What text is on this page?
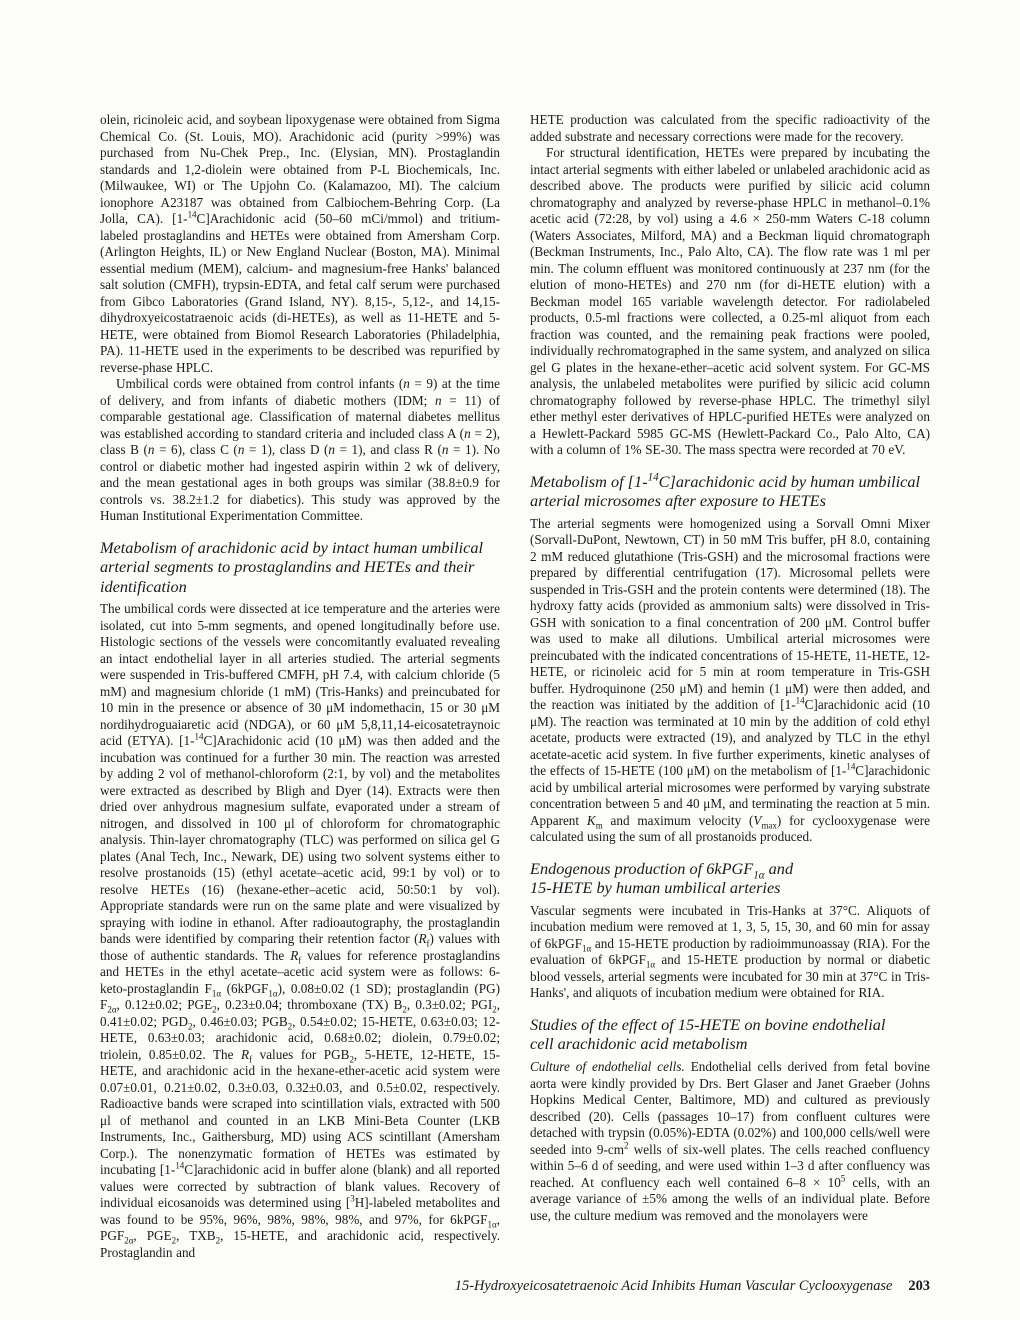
olein, ricinoleic acid, and soybean lipoxygenase were obtained from Sigma Chemical Co. (St. Louis, MO). Arachidonic acid (purity >99%) was purchased from Nu-Chek Prep., Inc. (Elysian, MN). Prostaglandin standards and 1,2-diolein were obtained from P-L Biochemicals, Inc. (Milwaukee, WI) or The Upjohn Co. (Kalamazoo, MI). The calcium ionophore A23187 was obtained from Calbiochem-Behring Corp. (La Jolla, CA). [1-$^{14}$C]Arachidonic acid (50–60 mCi/mmol) and tritium-labeled prostaglandins and HETEs were obtained from Amersham Corp. (Arlington Heights, IL) or New England Nuclear (Boston, MA). Minimal essential medium (MEM), calcium- and magnesium-free Hanks' balanced salt solution (CMFH), trypsin-EDTA, and fetal calf serum were purchased from Gibco Laboratories (Grand Island, NY). 8,15-, 5,12-, and 14,15-dihydroxyeicostatraenoic acids (di-HETEs), as well as 11-HETE and 5-HETE, were obtained from Biomol Research Laboratories (Philadelphia, PA). 11-HETE used in the experiments to be described was repurified by reverse-phase HPLC.

Umbilical cords were obtained from control infants (n = 9) at the time of delivery, and from infants of diabetic mothers (IDM; n = 11) of comparable gestational age. Classification of maternal diabetes mellitus was established according to standard criteria and included class A (n = 2), class B (n = 6), class C (n = 1), class D (n = 1), and class R (n = 1). No control or diabetic mother had ingested aspirin within 2 wk of delivery, and the mean gestational ages in both groups was similar (38.8±0.9 for controls vs. 38.2±1.2 for diabetics). This study was approved by the Human Institutional Experimentation Committee.

Metabolism of arachidonic acid by intact human umbilical
arterial segments to prostaglandins and HETEs and their
identification

The umbilical cords were dissected at ice temperature and the arteries were isolated, cut into 5-mm segments, and opened longitudinally before use. Histologic sections of the vessels were concomitantly evaluated revealing an intact endothelial layer in all arteries studied. The arterial segments were suspended in Tris-buffered CMFH, pH 7.4, with calcium chloride (5 mM) and magnesium chloride (1 mM) (Tris-Hanks) and preincubated for 10 min in the presence or absence of 30 μM indomethacin, 15 or 30 μM nordihydroguaiaretic acid (NDGA), or 60 μM 5,8,11,14-eicosatetraynoic acid (ETYA). [1-$^{14}$C]Arachidonic acid (10 μM) was then added and the incubation was continued for a further 30 min. The reaction was arrested by adding 2 vol of methanol-chloroform (2:1, by vol) and the metabolites were extracted as described by Bligh and Dyer (14). Extracts were then dried over anhydrous magnesium sulfate, evaporated under a stream of nitrogen, and dissolved in 100 μl of chloroform for chromatographic analysis. Thin-layer chromatography (TLC) was performed on silica gel G plates (Anal Tech, Inc., Newark, DE) using two solvent systems either to resolve prostanoids (15) (ethyl acetate–acetic acid, 99:1 by vol) or to resolve HETEs (16) (hexane-ether–acetic acid, 50:50:1 by vol). Appropriate standards were run on the same plate and were visualized by spraying with iodine in ethanol. After radioautography, the prostaglandin bands were identified by comparing their retention factor $(R_f)$ values with those of authentic standards. The $R_f$ values for reference prostaglandins and HETEs in the ethyl acetate–acetic acid system were as follows: 6-keto-prostaglandin $F_{1\alpha}$ (6kPGF$_{1\alpha}$), 0.08±0.02 (1 SD); prostaglandin (PG) $F_{2\alpha}$, 0.12±0.02; $PGE_2$, 0.23±0.04; thromboxane (TX) $B_2$, 0.3±0.02; $PGI_2$, 0.41±0.02; $PGD_2$, 0.46±0.03; $PGB_2$, 0.54±0.02; 15-HETE, 0.63±0.03; 12-HETE, 0.63±0.03; arachidonic acid, 0.68±0.02; diolein, 0.79±0.02; triolein, 0.85±0.02. The $R_f$ values for $PGB_2$, 5-HETE, 12-HETE, 15-HETE, and arachidonic acid in the hexane-ether-acetic acid system were 0.07±0.01, 0.21±0.02, 0.3±0.03, 0.32±0.03, and 0.5±0.02, respectively. Radioactive bands were scraped into scintillation vials, extracted with 500 μl of methanol and counted in an LKB Mini-Beta Counter (LKB Instruments, Inc., Gaithersburg, MD) using ACS scintillant (Amersham Corp.). The nonenzymatic formation of HETEs was estimated by incubating [1-$^{14}$C]arachidonic acid in buffer alone (blank) and all reported values were corrected by subtraction of blank values. Recovery of individual eicosanoids was determined using [$^3$H]-labeled metabolites and was found to be 95%, 96%, 98%, 98%, 98%, and 97%, for 6kPGF$_{1\alpha}$, $PGF_{2\alpha}$, $PGE_2$, $TXB_2$, 15-HETE, and arachidonic acid, respectively. Prostaglandin and

HETE production was calculated from the specific radioactivity of the added substrate and necessary corrections were made for the recovery.

For structural identification, HETEs were prepared by incubating the intact arterial segments with either labeled or unlabeled arachidonic acid as described above. The products were purified by silicic acid column chromatography and analyzed by reverse-phase HPLC in methanol–0.1% acetic acid (72:28, by vol) using a 4.6 × 250-mm Waters C-18 column (Waters Associates, Milford, MA) and a Beckman liquid chromatograph (Beckman Instruments, Inc., Palo Alto, CA). The flow rate was 1 ml per min. The column effluent was monitored continuously at 237 nm (for the elution of mono-HETEs) and 270 nm (for di-HETE elution) with a Beckman model 165 variable wavelength detector. For radiolabeled products, 0.5-ml fractions were collected, a 0.25-ml aliquot from each fraction was counted, and the remaining peak fractions were pooled, individually rechromatographed in the same system, and analyzed on silica gel G plates in the hexane-ether–acetic acid solvent system. For GC-MS analysis, the unlabeled metabolites were purified by silicic acid column chromatography followed by reverse-phase HPLC. The trimethyl silyl ether methyl ester derivatives of HPLC-purified HETEs were analyzed on a Hewlett-Packard 5985 GC-MS (Hewlett-Packard Co., Palo Alto, CA) with a column of 1% SE-30. The mass spectra were recorded at 70 eV.

Metabolism of [1-$^{14}$C]arachidonic acid by human umbilical
arterial microsomes after exposure to HETEs

The arterial segments were homogenized using a Sorvall Omni Mixer (Sorvall-DuPont, Newtown, CT) in 50 mM Tris buffer, pH 8.0, containing 2 mM reduced glutathione (Tris-GSH) and the microsomal fractions were prepared by differential centrifugation (17). Microsomal pellets were suspended in Tris-GSH and the protein contents were determined (18). The hydroxy fatty acids (provided as ammonium salts) were dissolved in Tris-GSH with sonication to a final concentration of 200 μM. Control buffer was used to make all dilutions. Umbilical arterial microsomes were preincubated with the indicated concentrations of 15-HETE, 11-HETE, 12-HETE, or ricinoleic acid for 5 min at room temperature in Tris-GSH buffer. Hydroquinone (250 μM) and hemin (1 μM) were then added, and the reaction was initiated by the addition of [1-$^{14}$C]arachidonic acid (10 μM). The reaction was terminated at 10 min by the addition of cold ethyl acetate, products were extracted (19), and analyzed by TLC in the ethyl acetate-acetic acid system. In five further experiments, kinetic analyses of the effects of 15-HETE (100 μM) on the metabolism of [1-$^{14}$C]arachidonic acid by umbilical arterial microsomes were performed by varying substrate concentration between 5 and 40 μM, and terminating the reaction at 5 min. Apparent $K_m$ and maximum velocity $(V_{max})$ for cyclooxygenase were calculated using the sum of all prostanoids produced.

Endogenous production of 6kPGF$_{1\alpha}$ and
15-HETE by human umbilical arteries

Vascular segments were incubated in Tris-Hanks at 37°C. Aliquots of incubation medium were removed at 1, 3, 5, 15, 30, and 60 min for assay of 6kPGF$_{1\alpha}$ and 15-HETE production by radioimmunoassay (RIA). For the evaluation of 6kPGF$_{1\alpha}$ and 15-HETE production by normal or diabetic blood vessels, arterial segments were incubated for 30 min at 37°C in Tris-Hanks', and aliquots of incubation medium were obtained for RIA.

Studies of the effect of 15-HETE on bovine endothelial
cell arachidonic acid metabolism

Culture of endothelial cells. Endothelial cells derived from fetal bovine aorta were kindly provided by Drs. Bert Glaser and Janet Graeber (Johns Hopkins Medical Center, Baltimore, MD) and cultured as previously described (20). Cells (passages 10–17) from confluent cultures were detached with trypsin (0.05%)-EDTA (0.02%) and 100,000 cells/well were seeded into $9-cm^2$ wells of six-well plates. The cells reached confluency within 5–6 d of seeding, and were used within 1–3 d after confluency was reached. At confluency each well contained $6-8 \times 10^5$ cells, with an average variance of ±5% among the wells of an individual plate. Before use, the culture medium was removed and the monolayers were

15-Hydroxyeicosatetraenoic Acid Inhibits Human Vascular Cyclooxygenase 203
